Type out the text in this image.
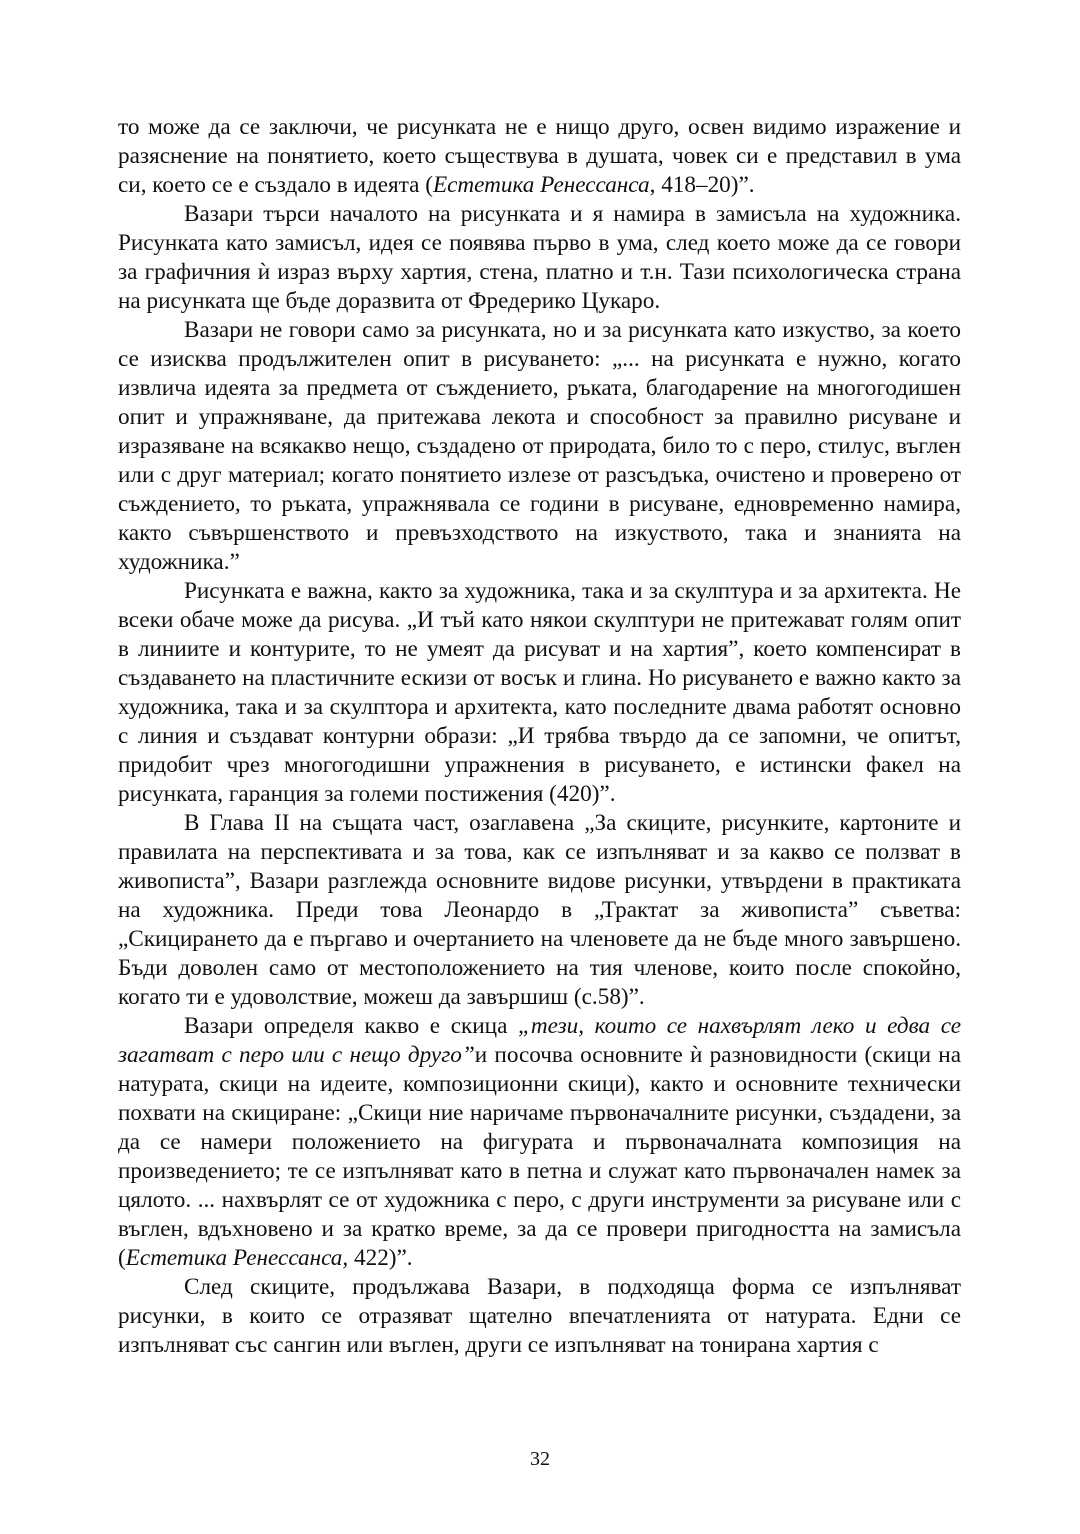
то може да се заключи, че рисунката не е нищо друго, освен видимо изражение и разяснение на понятието, което съществува в душата, човек си е представил в ума си, което се е създало в идеята (Естетика Ренессанса, 418–20)”.

Вазари търси началото на рисунката и я намира в замисъла на художника. Рисунката като замисъл, идея се появява първо в ума, след което може да се говори за графичния ѝ израз върху хартия, стена, платно и т.н. Тази психологическа страна на рисунката ще бъде доразвита от Фредерико Цукаро.

Вазари не говори само за рисунката, но и за рисунката като изкуство, за което се изисква продължителен опит в рисуването: „... на рисунката е нужно, когато извлича идеята за предмета от съждението, ръката, благодарение на многогодишен опит и упражняване, да притежава лекота и способност за правилно рисуване и изразяване на всякакво нещо, създадено от природата, било то с перо, стилус, въглен или с друг материал; когато понятието излезе от разсъдъка, очистено и проверено от съждението, то ръката, упражнявала се години в рисуване, едновременно намира, както съвършенството и превъзходството на изкуството, така и знанията на художника.”

Рисунката е важна, както за художника, така и за скулптура и за архитекта. Не всеки обаче може да рисува. „И тъй като някои скулптури не притежават голям опит в линиите и контурите, то не умеят да рисуват и на хартия”, което компенсират в създаването на пластичните ескизи от восък и глина. Но рисуването е важно както за художника, така и за скулптора и архитекта, като последните двама работят основно с линия и създават контурни образи: „И трябва твърдо да се запомни, че опитът, придобит чрез многогодишни упражнения в рисуването, е истински факел на рисунката, гаранция за големи постижения (420)”.

В Глава II на същата част, озаглавена „За скиците, рисунките, картоните и правилата на перспективата и за това, как се изпълняват и за какво се ползват в живописта”, Вазари разглежда основните видове рисунки, утвърдени в практиката на художника. Преди това Леонардо в „Трактат за живописта” съветва: „Скицирането да е пъргаво и очертанието на членовете да не бъде много завършено. Бъди доволен само от местоположението на тия членове, които после спокойно, когато ти е удоволствие, можеш да завършиш (с.58)”.

Вазари определя какво е скица „тези, които се нахвърлят леко и едва се загатват с перо или с нещо друго”и посочва основните ѝ разновидности (скици на натурата, скици на идеите, композиционни скици), както и основните технически похвати на скициране: „Скици ние наричаме първоначалните рисунки, създадени, за да се намери положението на фигурата и първоначалната композиция на произведението; те се изпълняват като в петна и служат като първоначален намек за цялото. ... нахвърлят се от художника с перо, с други инструменти за рисуване или с въглен, вдъхновено и за кратко време, за да се провери пригодността на замисъла (Естетика Ренессанса, 422)”.

След скиците, продължава Вазари, в подходяща форма се изпълняват рисунки, в които се отразяват щателно впечатленията от натурата. Едни се изпълняват със сангин или въглен, други се изпълняват на тонирана хартия с

32
